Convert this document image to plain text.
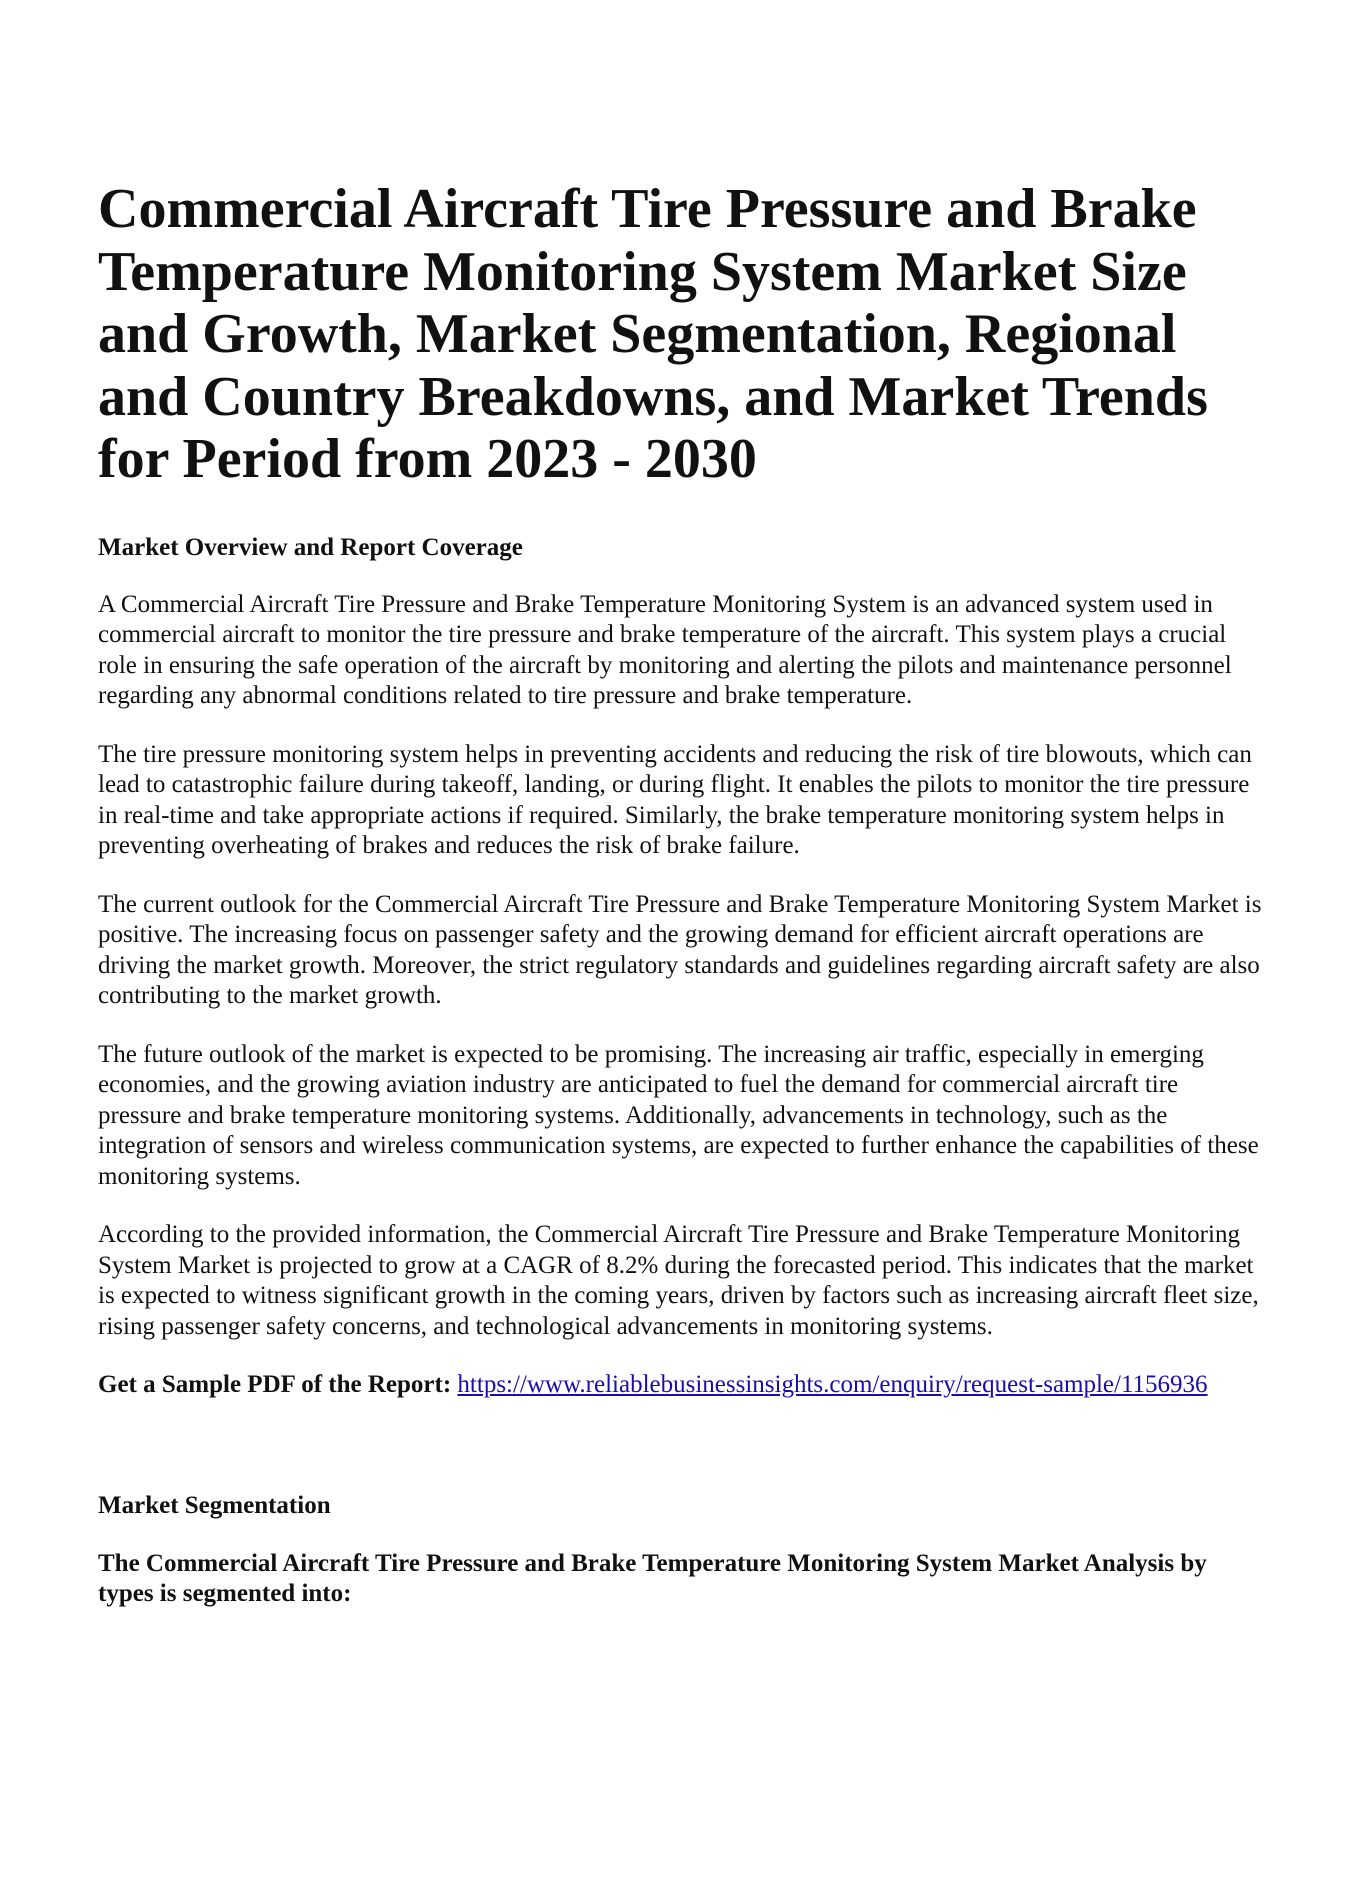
Commercial Aircraft Tire Pressure and Brake Temperature Monitoring System Market Size and Growth, Market Segmentation, Regional and Country Breakdowns, and Market Trends for Period from 2023 - 2030
Market Overview and Report Coverage

A Commercial Aircraft Tire Pressure and Brake Temperature Monitoring System is an advanced system used in commercial aircraft to monitor the tire pressure and brake temperature of the aircraft. This system plays a crucial role in ensuring the safe operation of the aircraft by monitoring and alerting the pilots and maintenance personnel regarding any abnormal conditions related to tire pressure and brake temperature.

The tire pressure monitoring system helps in preventing accidents and reducing the risk of tire blowouts, which can lead to catastrophic failure during takeoff, landing, or during flight. It enables the pilots to monitor the tire pressure in real-time and take appropriate actions if required. Similarly, the brake temperature monitoring system helps in preventing overheating of brakes and reduces the risk of brake failure.

The current outlook for the Commercial Aircraft Tire Pressure and Brake Temperature Monitoring System Market is positive. The increasing focus on passenger safety and the growing demand for efficient aircraft operations are driving the market growth. Moreover, the strict regulatory standards and guidelines regarding aircraft safety are also contributing to the market growth.

The future outlook of the market is expected to be promising. The increasing air traffic, especially in emerging economies, and the growing aviation industry are anticipated to fuel the demand for commercial aircraft tire pressure and brake temperature monitoring systems. Additionally, advancements in technology, such as the integration of sensors and wireless communication systems, are expected to further enhance the capabilities of these monitoring systems.

According to the provided information, the Commercial Aircraft Tire Pressure and Brake Temperature Monitoring System Market is projected to grow at a CAGR of 8.2% during the forecasted period. This indicates that the market is expected to witness significant growth in the coming years, driven by factors such as increasing aircraft fleet size, rising passenger safety concerns, and technological advancements in monitoring systems.

Get a Sample PDF of the Report: https://www.reliablebusinessinsights.com/enquiry/request-sample/1156936

Market Segmentation

The Commercial Aircraft Tire Pressure and Brake Temperature Monitoring System Market Analysis by types is segmented into:
